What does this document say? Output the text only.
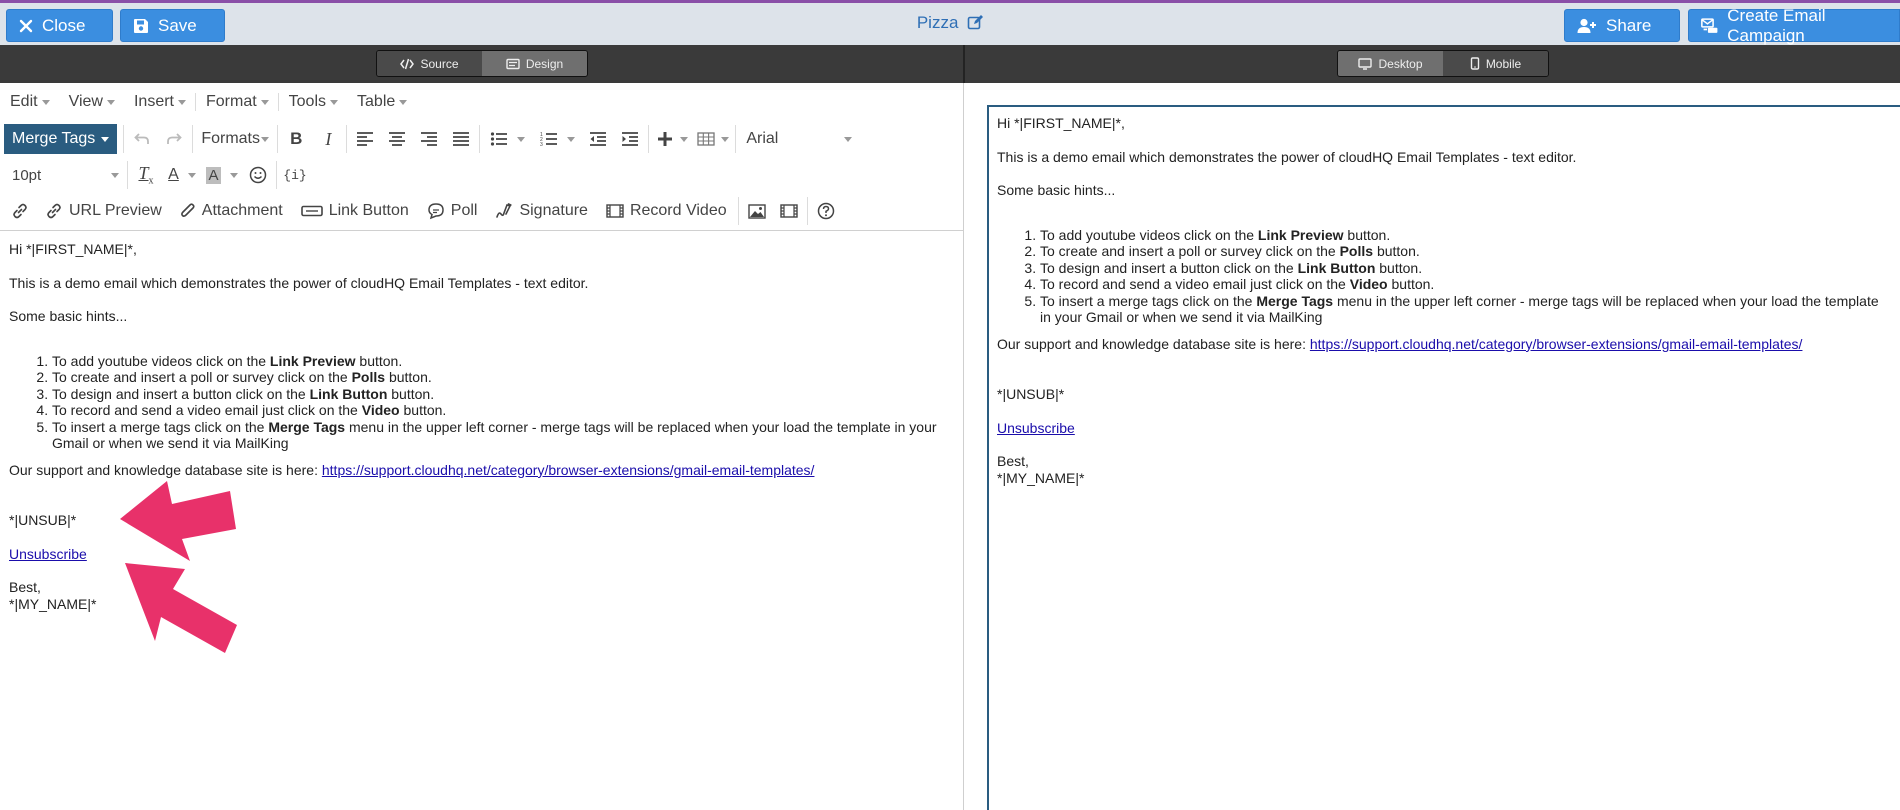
Close	Save	Pizza	Share
Create Email Campaign
Source	Design	Desktop	Mobile
Edit View Insert Format Tools Table
Merge Tags	Formats B I	1
2
3	Arial
10pt	$T_x$ A A	{i}
URL Preview	Attachment	Link Button	Poll	Signature	Record Video

Hi *|FIRST_NAME|*,

This is a demo email which demonstrates the power of cloudHQ Email Templates - text editor.

Some basic hints...

1. To add youtube videos click on the Link Preview button.
2. To create and insert a poll or survey click on the Polls button.
3. To design and insert a button click on the Link Button button.
4. To record and send a video email just click on the Video button.
5. To insert a merge tags click on the Merge Tags menu in the upper left corner - merge tags will be replaced when your load the template in your Gmail or when we send it via MailKing

Our support and knowledge database site is here: https://support.cloudhq.net/category/browser-extensions/gmail-email-templates/

*|UNSUB|*

Unsubscribe

Best,
*|MY_NAME|*

Hi *|FIRST_NAME|*,

This is a demo email which demonstrates the power of cloudHQ Email Templates - text editor.

Some basic hints...

1. To add youtube videos click on the Link Preview button.
2. To create and insert a poll or survey click on the Polls button.
3. To design and insert a button click on the Link Button button.
4. To record and send a video email just click on the Video button.
5. To insert a merge tags click on the Merge Tags menu in the upper left corner - merge tags will be replaced when your load the template in your Gmail or when we send it via MailKing

Our support and knowledge database site is here: https://support.cloudhq.net/category/browser-extensions/gmail-email-templates/

*|UNSUB|*

Unsubscribe

Best,
*|MY_NAME|*
